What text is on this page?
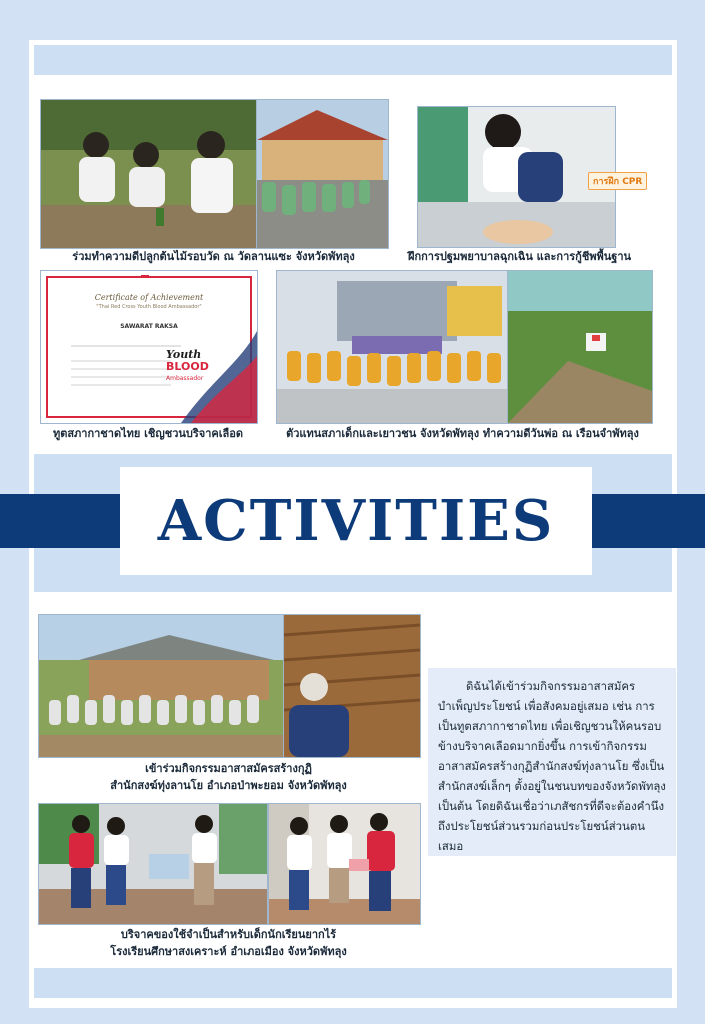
ร่วมทำความดีปลูกต้นไม้รอบวัด ณ วัดลานแซะ จังหวัดพัทลุง
การฝึก CPR
ฝึกการปฐมพยาบาลฉุกเฉิน และการกู้ชีพพื้นฐาน
Certificate of Achievement
"Thai Red Cross Youth Blood Ambassador"
SAWARAT RAKSA
Youth
BLOOD
Ambassador
ทูตสภากาชาดไทย เชิญชวนบริจาคเลือด	ตัวแทนสภาเด็กและเยาวชน จังหวัดพัทลุง ทำความดีวันพ่อ ณ เรือนจำพัทลุง
ACTIVITIES
เข้าร่วมกิจกรรมอาสาสมัครสร้างกุฏิ
สำนักสงฆ์ทุ่งลานโย อำเภอป่าพะยอม จังหวัดพัทลุง

ดิฉันได้เข้าร่วมกิจกรรมอาสาสมัครบำเพ็ญประโยชน์ เพื่อสังคมอยู่เสมอ เช่น การเป็นทูตสภากาชาดไทย เพื่อเชิญชวนให้คนรอบข้างบริจาคเลือดมากยิ่งขึ้น การเข้ากิจกรรมอาสาสมัครสร้างกุฏิสำนักสงฆ์ทุ่งลานโย ซึ่งเป็นสำนักสงฆ์เล็กๆ ตั้งอยู่ในชนบทของจังหวัดพัทลุง เป็นต้น โดยดิฉันเชื่อว่าเภสัชกรที่ดีจะต้องคำนึงถึงประโยชน์ส่วนรวมก่อนประโยชน์ส่วนตนเสมอ

บริจาคของใช้จำเป็นสำหรับเด็กนักเรียนยากไร้
โรงเรียนศึกษาสงเคราะห์ อำเภอเมือง จังหวัดพัทลุง
